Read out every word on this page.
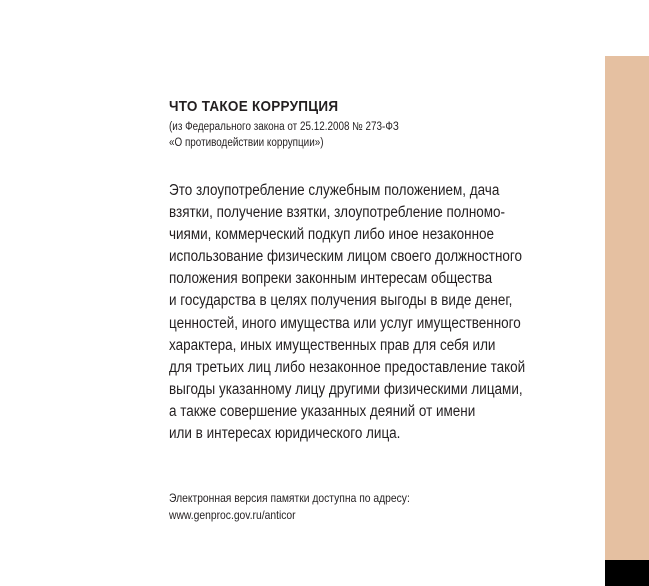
ЧТО ТАКОЕ КОРРУПЦИЯ
(из Федерального закона от 25.12.2008 № 273-ФЗ
«О противодействии коррупции»)
Это злоупотребление служебным положением, дача
взятки, получение взятки, злоупотребление полномо-
чиями, коммерческий подкуп либо иное незаконное
использование физическим лицом своего должностного
положения вопреки законным интересам общества
и государства в целях получения выгоды в виде денег,
ценностей, иного имущества или услуг имущественного
характера, иных имущественных прав для себя или
для третьих лиц либо незаконное предоставление такой
выгоды указанному лицу другими физическими лицами,
а также совершение указанных деяний от имени
или в интересах юридического лица.
Электронная версия памятки доступна по адресу:
www.genproc.gov.ru/anticor
